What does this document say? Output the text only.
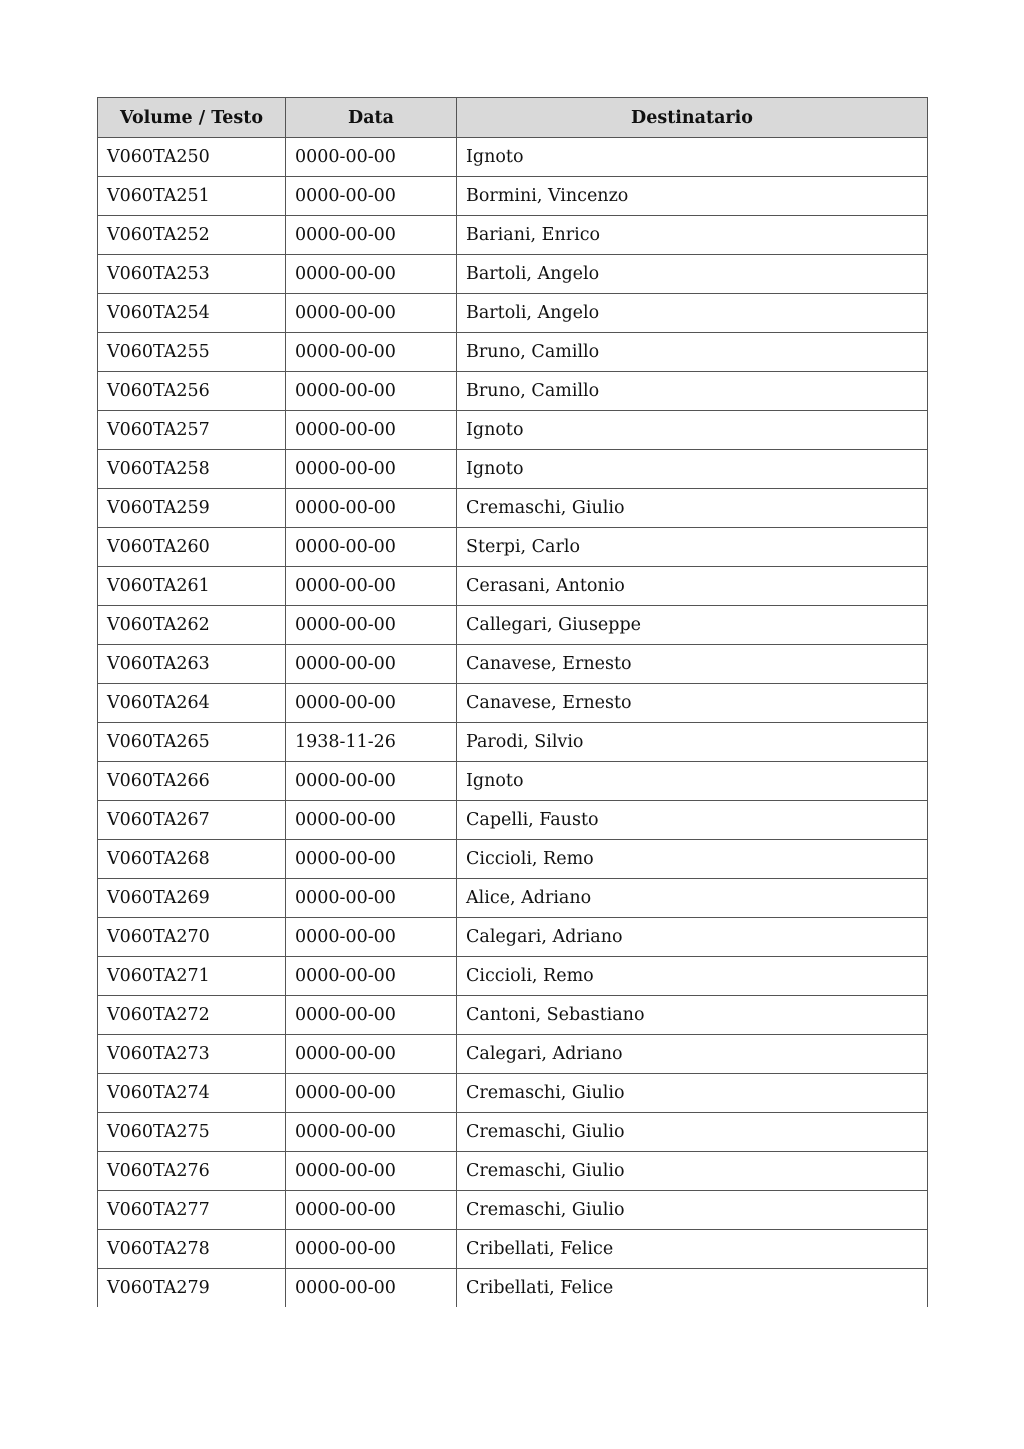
Volume / Testo	Data	Destinatario
V060TA250	0000-00-00	Ignoto
V060TA251	0000-00-00	Bormini, Vincenzo
V060TA252	0000-00-00	Bariani, Enrico
V060TA253	0000-00-00	Bartoli, Angelo
V060TA254	0000-00-00	Bartoli, Angelo
V060TA255	0000-00-00	Bruno, Camillo
V060TA256	0000-00-00	Bruno, Camillo
V060TA257	0000-00-00	Ignoto
V060TA258	0000-00-00	Ignoto
V060TA259	0000-00-00	Cremaschi, Giulio
V060TA260	0000-00-00	Sterpi, Carlo
V060TA261	0000-00-00	Cerasani, Antonio
V060TA262	0000-00-00	Callegari, Giuseppe
V060TA263	0000-00-00	Canavese, Ernesto
V060TA264	0000-00-00	Canavese, Ernesto
V060TA265	1938-11-26	Parodi, Silvio
V060TA266	0000-00-00	Ignoto
V060TA267	0000-00-00	Capelli, Fausto
V060TA268	0000-00-00	Ciccioli, Remo
V060TA269	0000-00-00	Alice, Adriano
V060TA270	0000-00-00	Calegari, Adriano
V060TA271	0000-00-00	Ciccioli, Remo
V060TA272	0000-00-00	Cantoni, Sebastiano
V060TA273	0000-00-00	Calegari, Adriano
V060TA274	0000-00-00	Cremaschi, Giulio
V060TA275	0000-00-00	Cremaschi, Giulio
V060TA276	0000-00-00	Cremaschi, Giulio
V060TA277	0000-00-00	Cremaschi, Giulio
V060TA278	0000-00-00	Cribellati, Felice
V060TA279	0000-00-00	Cribellati, Felice
